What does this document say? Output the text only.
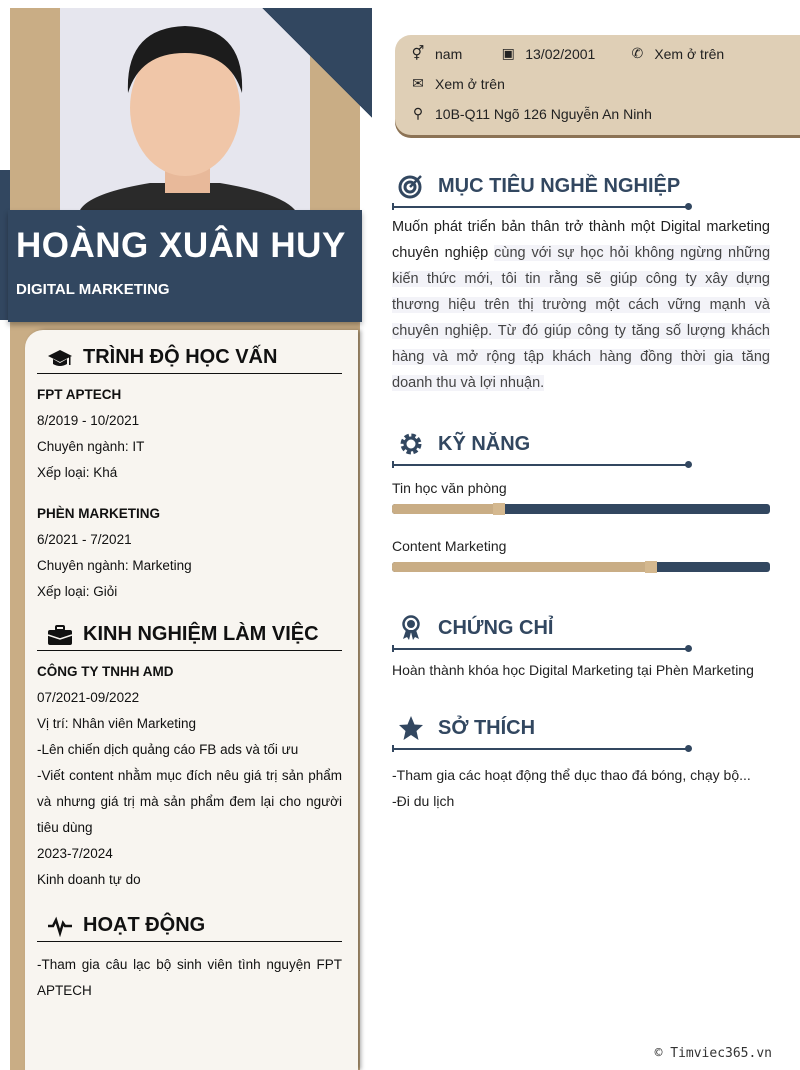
HOÀNG XUÂN HUY
DIGITAL MARKETING
TRÌNH ĐỘ HỌC VẤN
FPT APTECH
8/2019 - 10/2021
Chuyên ngành: IT
Xếp loại: Khá
PHÈN MARKETING
6/2021 - 7/2021
Chuyên ngành: Marketing
Xếp loại: Giỏi
KINH NGHIỆM LÀM VIỆC
CÔNG TY TNHH AMD
07/2021-09/2022
Vị trí: Nhân viên Marketing
-Lên chiến dịch quảng cáo FB ads và tối ưu
-Viết content nhằm mục đích nêu giá trị sản phẩm và nhưng giá trị mà sản phẩm đem lại cho người tiêu dùng
2023-7/2024
Kinh doanh tự do
HOẠT ĐỘNG
-Tham gia câu lạc bộ sinh viên tình nguyện FPT APTECH
⚥ nam	▣ 13/02/2001	✆ Xem ở trên
✉ Xem ở trên
⚲ 10B-Q11 Ngõ 126 Nguyễn An Ninh
MỤC TIÊU NGHỀ NGHIỆP
Muốn phát triển bản thân trở thành một Digital marketing chuyên nghiệp cùng với sự học hỏi không ngừng những kiến thức mới, tôi tin rằng sẽ giúp công ty xây dựng thương hiệu trên thị trường một cách vững mạnh và chuyên nghiệp. Từ đó giúp công ty tăng số lượng khách hàng và mở rộng tập khách hàng đồng thời gia tăng doanh thu và lợi nhuận.
KỸ NĂNG
Tin học văn phòng
Content Marketing
CHỨNG CHỈ
Hoàn thành khóa học Digital Marketing tại Phèn Marketing
SỞ THÍCH
-Tham gia các hoạt động thể dục thao đá bóng, chạy bộ...
-Đi du lịch
© Timviec365.vn
